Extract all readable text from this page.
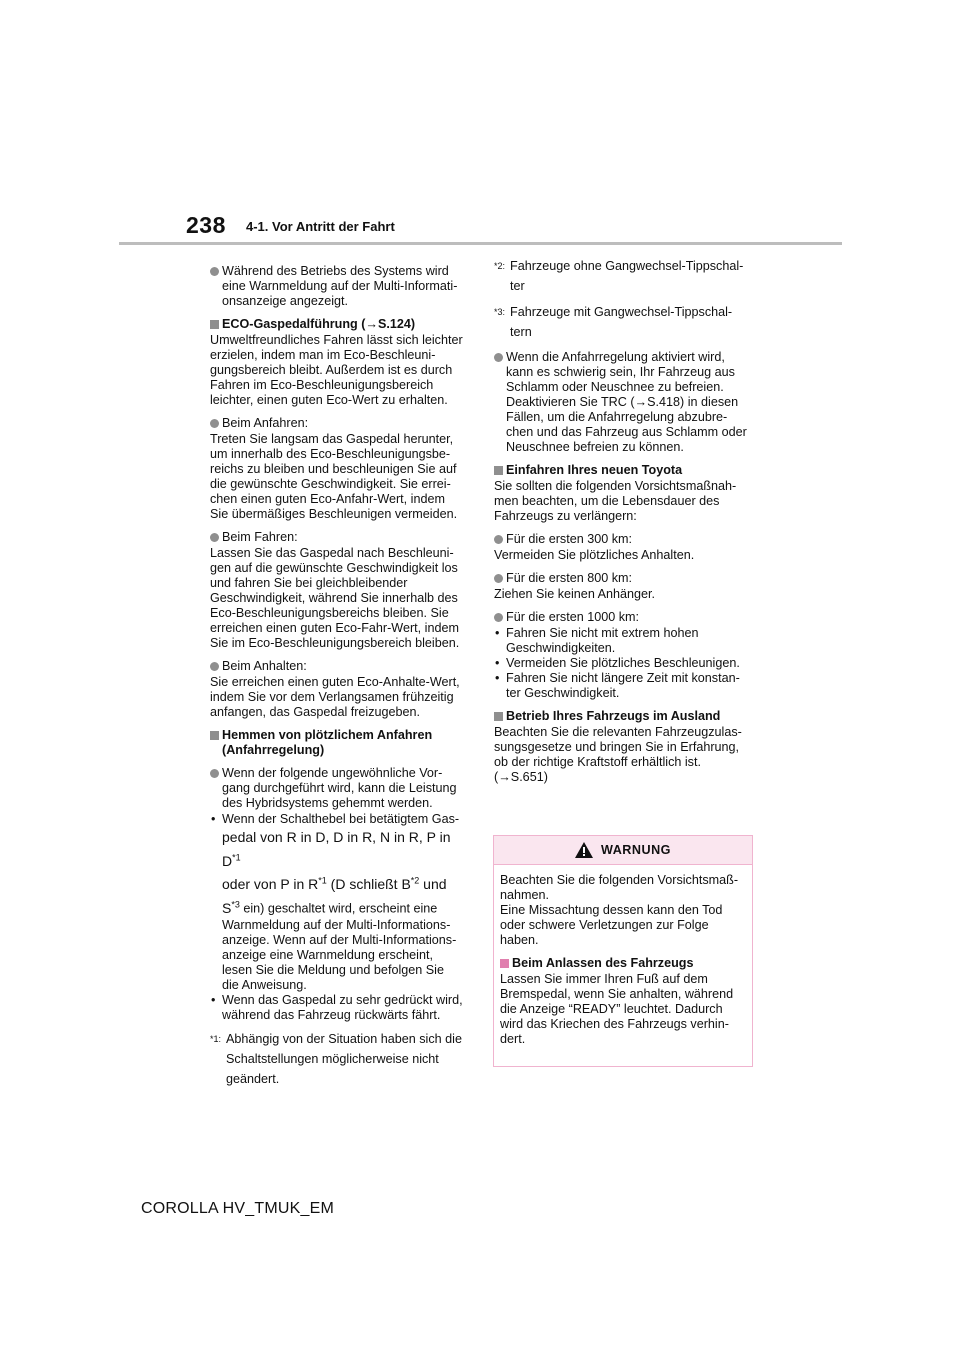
238 4-1. Vor Antritt der Fahrt
Während des Betriebs des Systems wird
eine Warnmeldung auf der Multi-Informati-
onsanzeige angezeigt.
ECO-Gaspedalführung (→S.124)

Umweltfreundliches Fahren lässt sich leichter
erzielen, indem man im Eco-Beschleuni-
gungsbereich bleibt. Außerdem ist es durch
Fahren im Eco-Beschleunigungsbereich
leichter, einen guten Eco-Wert zu erhalten.

Beim Anfahren:

Treten Sie langsam das Gaspedal herunter,
um innerhalb des Eco-Beschleunigungsbe-
reichs zu bleiben und beschleunigen Sie auf
die gewünschte Geschwindigkeit. Sie errei-
chen einen guten Eco-Anfahr-Wert, indem
Sie übermäßiges Beschleunigen vermeiden.

Beim Fahren:

Lassen Sie das Gaspedal nach Beschleuni-
gen auf die gewünschte Geschwindigkeit los
und fahren Sie bei gleichbleibender
Geschwindigkeit, während Sie innerhalb des
Eco-Beschleunigungsbereichs bleiben. Sie
erreichen einen guten Eco-Fahr-Wert, indem
Sie im Eco-Beschleunigungsbereich bleiben.

Beim Anhalten:

Sie erreichen einen guten Eco-Anhalte-Wert,
indem Sie vor dem Verlangsamen frühzeitig
anfangen, das Gaspedal freizugeben.

Hemmen von plötzlichem Anfahren
(Anfahrregelung)
Wenn der folgende ungewöhnliche Vor-
gang durchgeführt wird, kann die Leistung
des Hybridsystems gehemmt werden.
• Wenn der Schalthebel bei betätigtem Gas-
pedal von R in D, D in R, N in R, P in $D^{*1}$
oder von P in $R^{*1}$ (D schließt $B^{*2}$ und
$S^{*3}$ ein) geschaltet wird, erscheint eine
Warnmeldung auf der Multi-Informations-
anzeige. Wenn auf der Multi-Informations-
anzeige eine Warnmeldung erscheint,
lesen Sie die Meldung und befolgen Sie
die Anweisung.
• Wenn das Gaspedal zu sehr gedrückt wird,
während das Fahrzeug rückwärts fährt.
$^{*1:}$ Abhängig von der Situation haben sich die
Schaltstellungen möglicherweise nicht
geändert.
$^{*2:}$ Fahrzeuge ohne Gangwechsel-Tippschal-
ter
$^{*3:}$ Fahrzeuge mit Gangwechsel-Tippschal-
tern
Wenn die Anfahrregelung aktiviert wird,
kann es schwierig sein, Ihr Fahrzeug aus
Schlamm oder Neuschnee zu befreien.
Deaktivieren Sie TRC (→S.418) in diesen
Fällen, um die Anfahrregelung abzubre-
chen und das Fahrzeug aus Schlamm oder
Neuschnee befreien zu können.
Einfahren Ihres neuen Toyota

Sie sollten die folgenden Vorsichtsmaßnah-
men beachten, um die Lebensdauer des
Fahrzeugs zu verlängern:

Für die ersten 300 km:

Vermeiden Sie plötzliches Anhalten.

Für die ersten 800 km:

Ziehen Sie keinen Anhänger.

Für die ersten 1000 km:
• Fahren Sie nicht mit extrem hohen
Geschwindigkeiten.
• Vermeiden Sie plötzliches Beschleunigen.
• Fahren Sie nicht längere Zeit mit konstan-
ter Geschwindigkeit.
Betrieb Ihres Fahrzeugs im Ausland

Beachten Sie die relevanten Fahrzeugzulas-
sungsgesetze und bringen Sie in Erfahrung,
ob der richtige Kraftstoff erhältlich ist.
(→S.651)

WARNUNG

Beachten Sie die folgenden Vorsichtsmaß-
nahmen.
Eine Missachtung dessen kann den Tod
oder schwere Verletzungen zur Folge
haben.

Beim Anlassen des Fahrzeugs

Lassen Sie immer Ihren Fuß auf dem
Bremspedal, wenn Sie anhalten, während
die Anzeige “READY” leuchtet. Dadurch
wird das Kriechen des Fahrzeugs verhin-
dert.

COROLLA HV_TMUK_EM
